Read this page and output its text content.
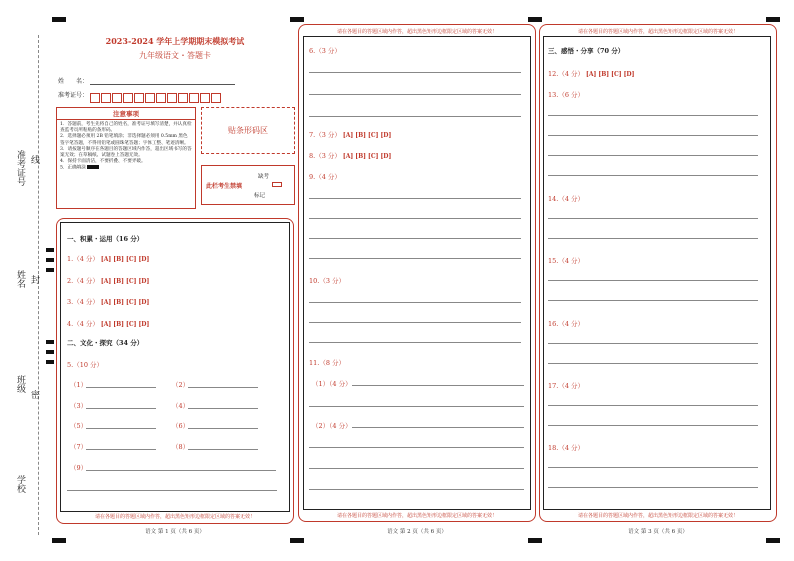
准考证号 线
姓名 封
班级
密
学校
2023-2024 学年上学期期末模拟考试
九年级语文・答题卡
姓　　名：
准考证号：
注意事项
1．答题前，考生先将自己的姓名，准考证号填写清楚，并认真检查监考员所粘贴的条形码。
2．选择题必须用 2B 铅笔填涂；非选择题必须用 0.5mm 黑色签字笔答题，不得用铅笔或圆珠笔答题；字体工整、笔迹清晰。
3．请按题号顺序在各题目的答题区域内作答，超出区域书写的答案无效；在草稿纸、试题卷上答题无效。
4．保持卡面清洁，不要折叠、不要弄破。
5．正确填涂
贴条形码区
此栏考生禁填
缺考
标记
一、积累・运用（16 分）
1.（4 分） [A] [B] [C] [D]
2.（4 分） [A] [B] [C] [D]
3.（4 分） [A] [B] [C] [D]
4.（4 分） [A] [B] [C] [D]
二、文化・探究（34 分）
5.（10 分）
（1）	（2）
（3）	（4）
（5）	（6）
（7）	（8）
（9）
请在各题目的答题区域内作答，超出黑色矩形边框限定区域的答案无效！
语文 第 1 页（共 6 页）
请在各题目的答题区域内作答，超出黑色矩形边框限定区域的答案无效！
6.（3 分）
7.（3 分） [A] [B] [C] [D]
8.（3 分） [A] [B] [C] [D]
9.（4 分）
10.（3 分）
11.（8 分）
（1）（4 分）
（2）（4 分）
请在各题目的答题区域内作答，超出黑色矩形边框限定区域的答案无效！
语文 第 2 页（共 6 页）
请在各题目的答题区域内作答，超出黑色矩形边框限定区域的答案无效！
三、感悟・分享（70 分）
12.（4 分） [A] [B] [C] [D]
13.（6 分）
14.（4 分）
15.（4 分）
16.（4 分）
17.（4 分）
18.（4 分）
请在各题目的答题区域内作答，超出黑色矩形边框限定区域的答案无效！
语文 第 3 页（共 6 页）
